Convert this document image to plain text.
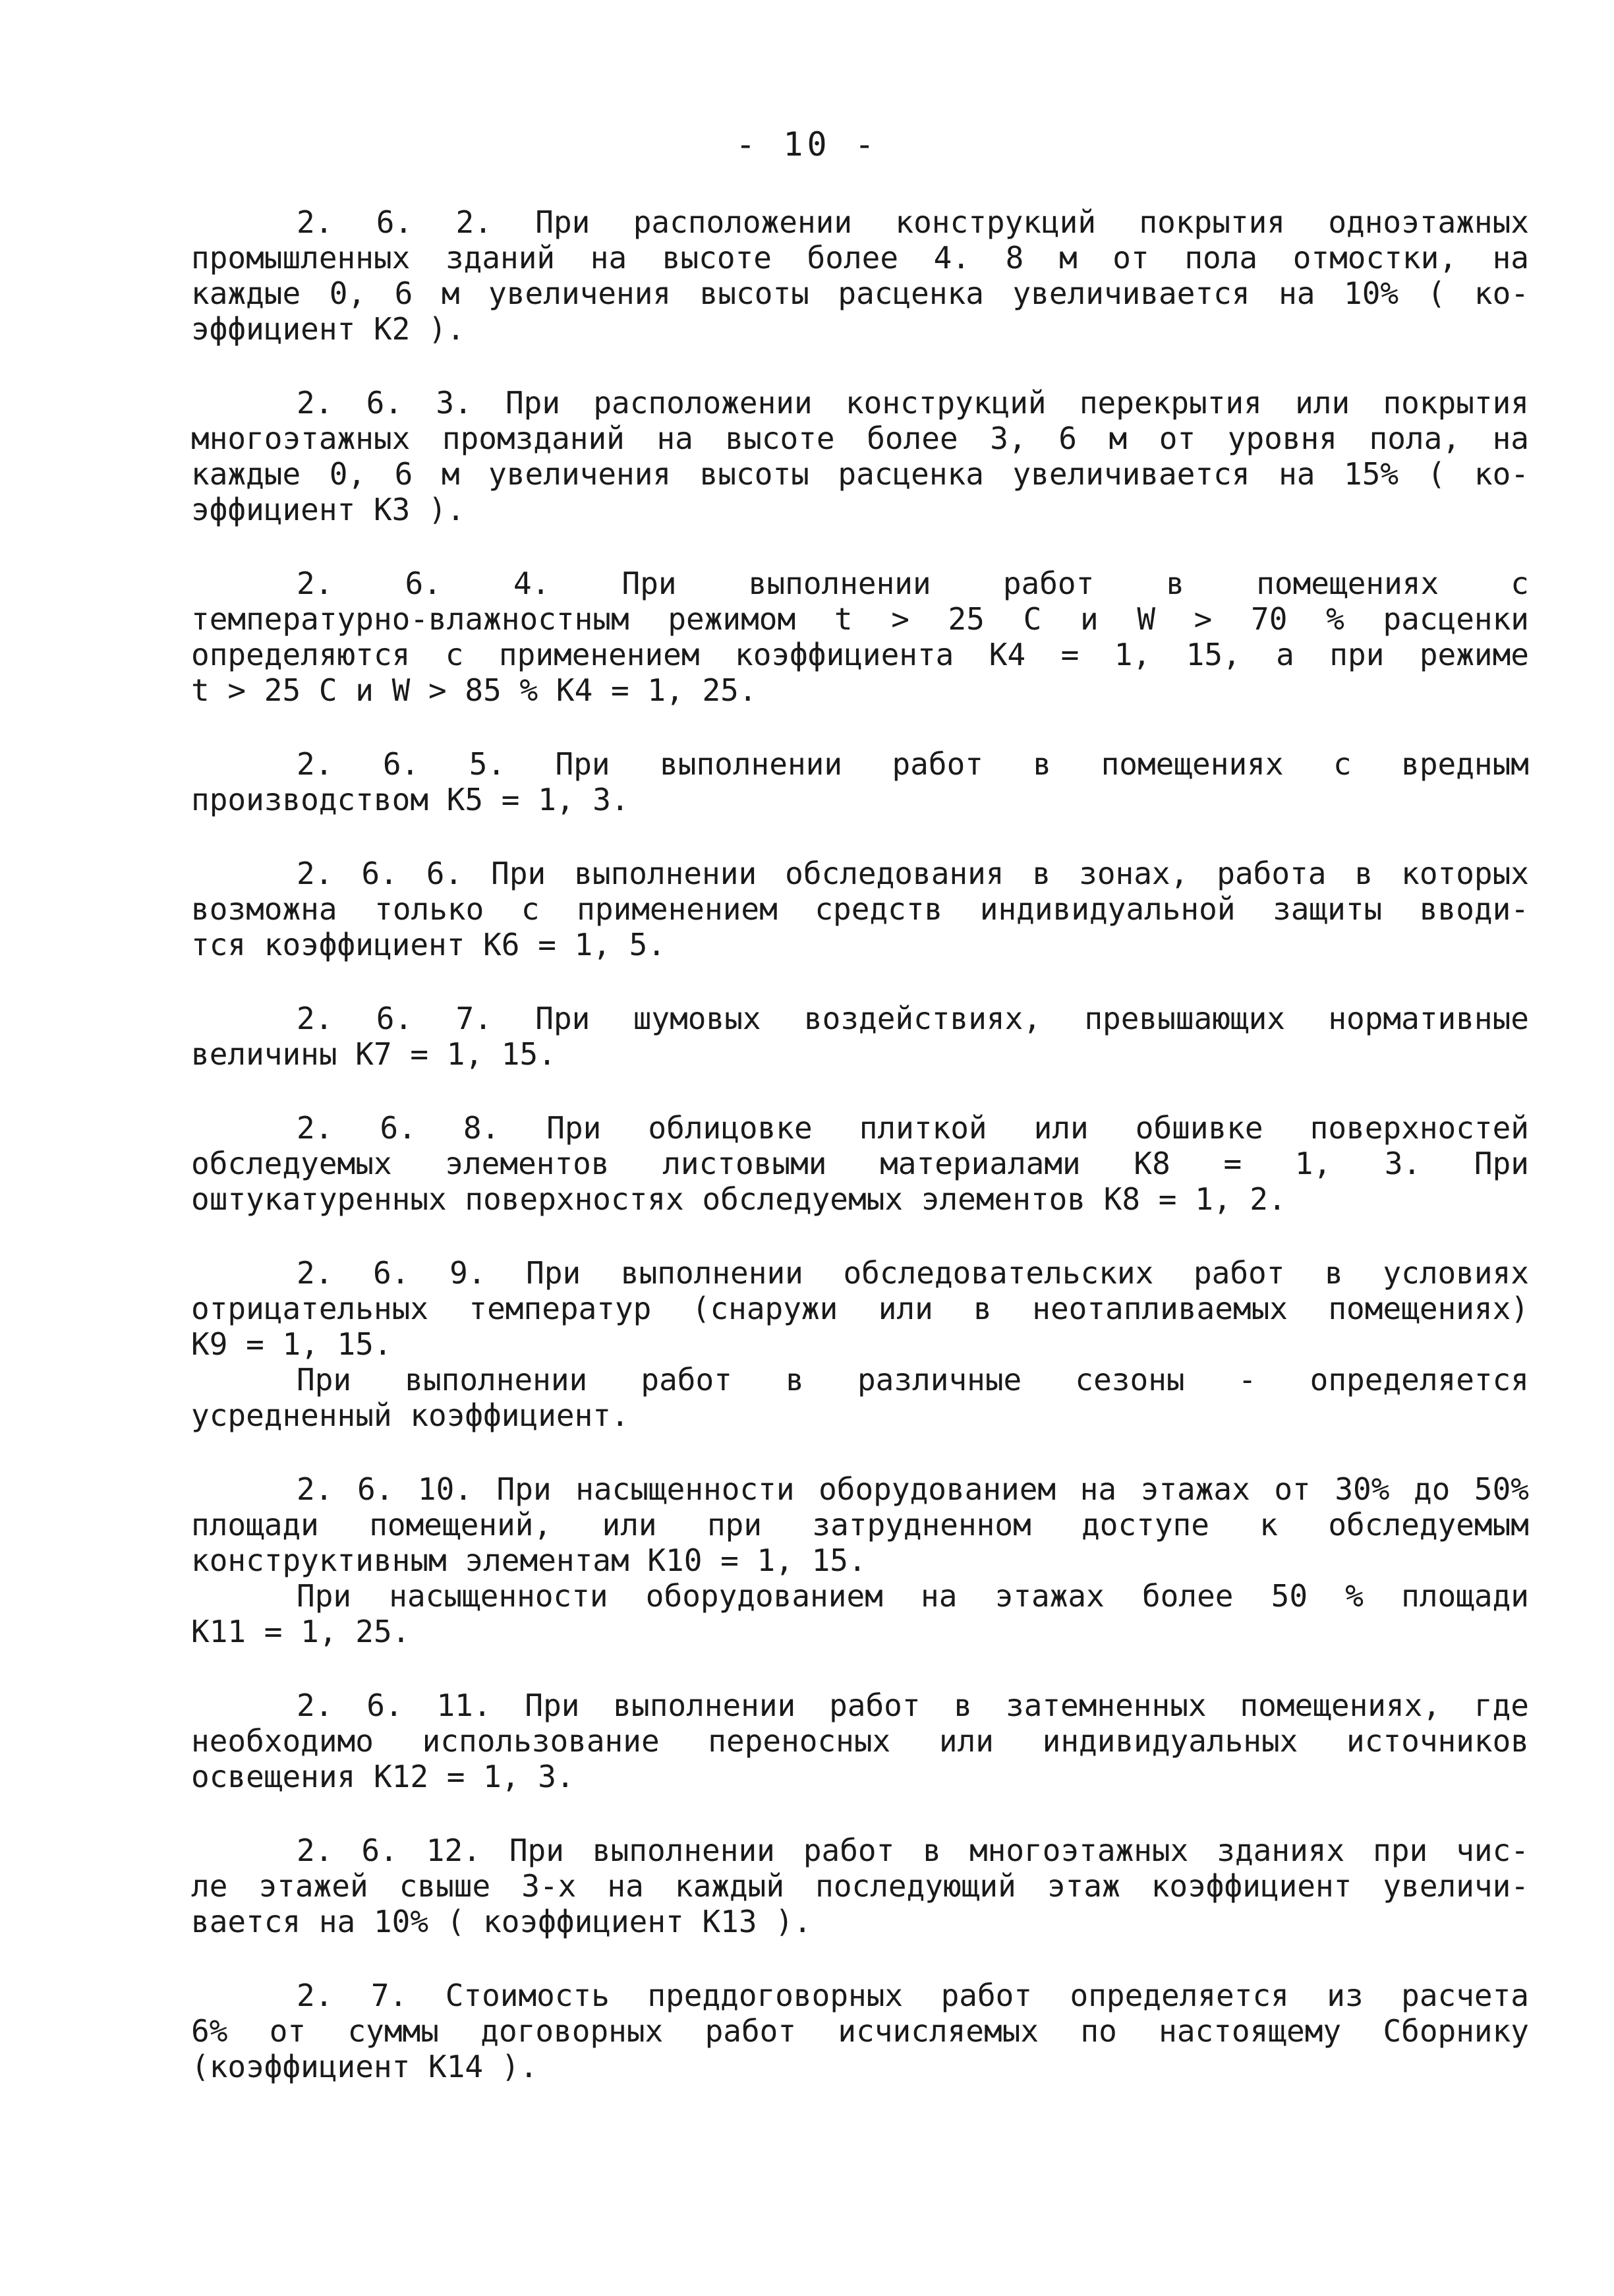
- 10 -
2. 6. 2. При расположении конструкций покрытия одноэтажных
промышленных зданий на высоте более 4. 8 м от пола отмостки, на
каждые 0, 6 м увеличения высоты расценка увеличивается на 10% ( ко-
эффициент К2 ).
2. 6. 3. При расположении конструкций перекрытия или покрытия
многоэтажных промзданий на высоте более 3, 6 м от уровня пола, на
каждые 0, 6 м увеличения высоты расценка увеличивается на 15% ( ко-
эффициент К3 ).
2. 6. 4. При выполнении работ в помещениях с
температурно-влажностным режимом t > 25 С и W > 70 % расценки
определяются с применением коэффициента К4 = 1, 15, а при режиме
t > 25 С и W > 85 % К4 = 1, 25.
2. 6. 5. При выполнении работ в помещениях с вредным
производством К5 = 1, 3.
2. 6. 6. При выполнении обследования в зонах, работа в которых
возможна только с применением средств индивидуальной защиты вводи-
тся коэффициент К6 = 1, 5.
2. 6. 7. При шумовых воздействиях, превышающих нормативные
величины К7 = 1, 15.
2. 6. 8. При облицовке плиткой или обшивке поверхностей
обследуемых элементов листовыми материалами К8 = 1, 3. При
оштукатуренных поверхностях обследуемых элементов К8 = 1, 2.
2. 6. 9. При выполнении обследовательских работ в условиях
отрицательных температур (снаружи или в неотапливаемых помещениях)
К9 = 1, 15.
При выполнении работ в различные сезоны - определяется
усредненный коэффициент.
2. 6. 10. При насыщенности оборудованием на этажах от 30% до 50%
площади помещений, или при затрудненном доступе к обследуемым
конструктивным элементам К10 = 1, 15.
При насыщенности оборудованием на этажах более 50 % площади
К11 = 1, 25.
2. 6. 11. При выполнении работ в затемненных помещениях, где
необходимо использование переносных или индивидуальных источников
освещения К12 = 1, 3.
2. 6. 12. При выполнении работ в многоэтажных зданиях при чис-
ле этажей свыше 3-х на каждый последующий этаж коэффициент увеличи-
вается на 10% ( коэффициент К13 ).
2. 7. Стоимость преддоговорных работ определяется из расчета
6% от суммы договорных работ исчисляемых по настоящему Сборнику
(коэффициент К14 ).
